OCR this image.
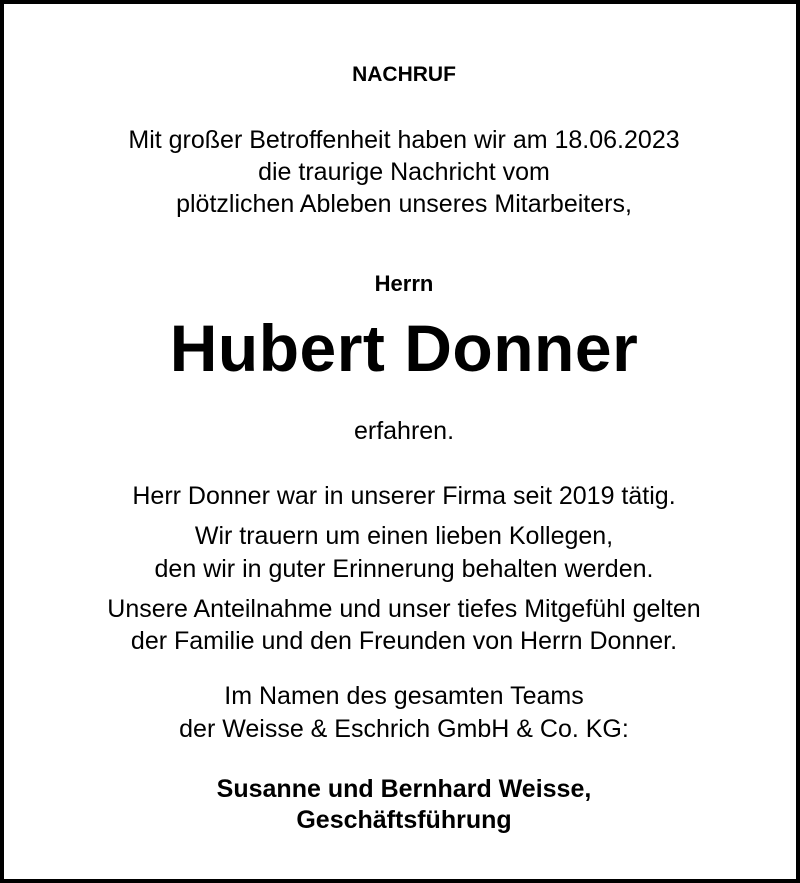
NACHRUF
Mit großer Betroffenheit haben wir am 18.06.2023
die traurige Nachricht vom
plötzlichen Ableben unseres Mitarbeiters,
Herrn
Hubert Donner
erfahren.
Herr Donner war in unserer Firma seit 2019 tätig.
Wir trauern um einen lieben Kollegen,
den wir in guter Erinnerung behalten werden.
Unsere Anteilnahme und unser tiefes Mitgefühl gelten
der Familie und den Freunden von Herrn Donner.
Im Namen des gesamten Teams
der Weisse & Eschrich GmbH & Co. KG:
Susanne und Bernhard Weisse,
Geschäftsführung
